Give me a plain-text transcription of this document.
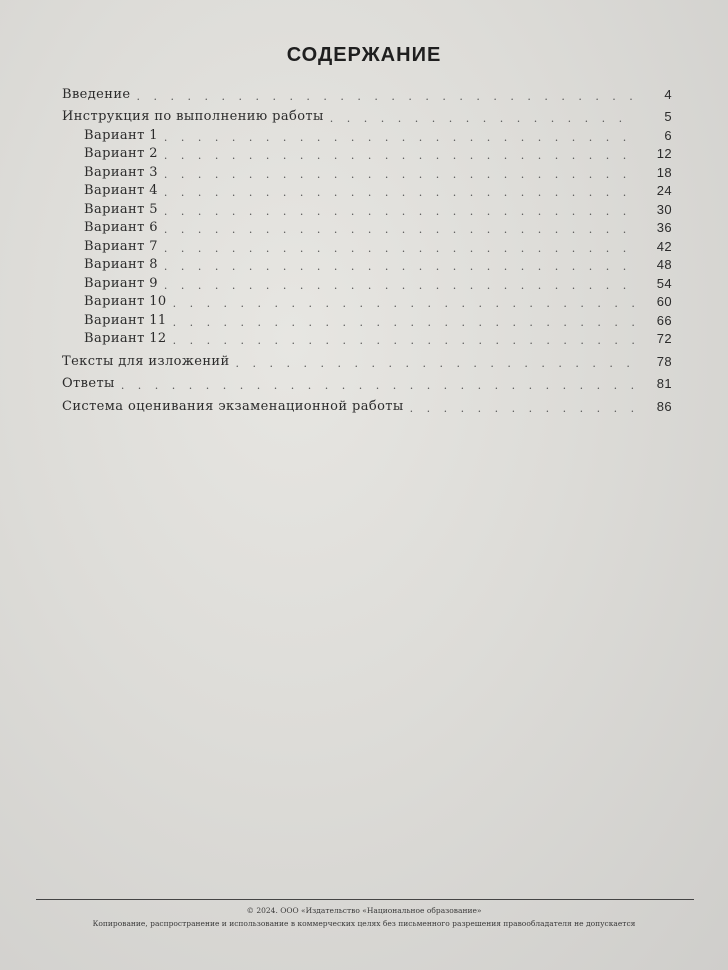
СОДЕРЖАНИЕ
Введение . . .	4
Инструкция по выполнению работы . . .	5
Вариант 1 . . .	6
Вариант 2 . . .	12
Вариант 3 . . .	18
Вариант 4 . . .	24
Вариант 5 . . .	30
Вариант 6 . . .	36
Вариант 7 . . .	42
Вариант 8 . . .	48
Вариант 9 . . .	54
Вариант 10 . . .	60
Вариант 11 . . .	66
Вариант 12 . . .	72
Тексты для изложений . . .	78
Ответы . . .	81
Система оценивания экзаменационной работы . . .	86
© 2024. ООО «Издательство «Национальное образование»
Копирование, распространение и использование в коммерческих целях без письменного разрешения правообладателя не допускается
